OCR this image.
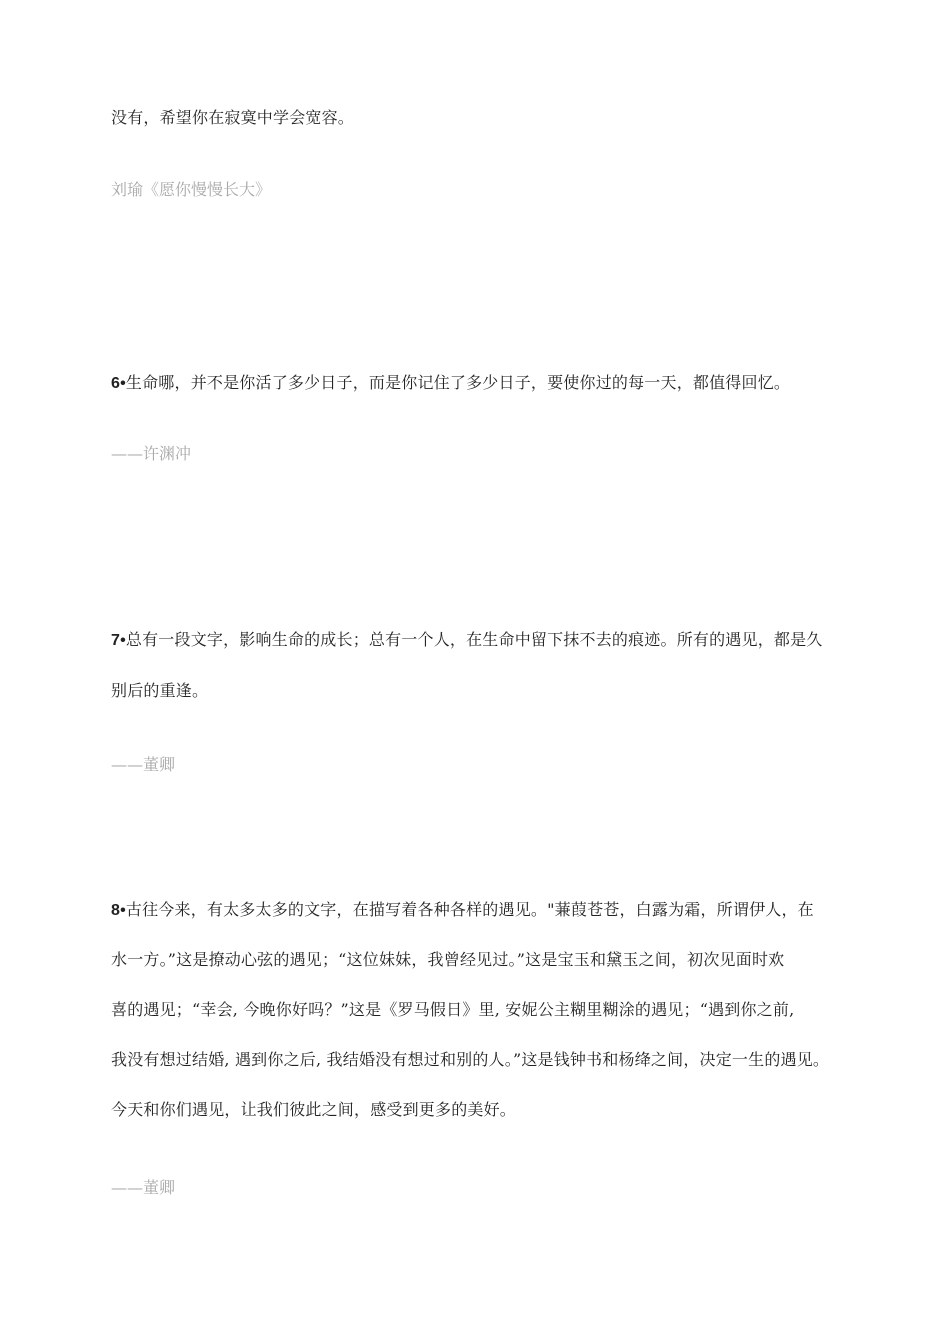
没有，希望你在寂寞中学会宽容。
刘瑜《愿你慢慢长大》
6•生命哪，并不是你活了多少日子，而是你记住了多少日子，要使你过的每一天，都值得回忆。
——许渊冲
7•总有一段文字，影响生命的成长；总有一个人，在生命中留下抹不去的痕迹。所有的遇见，都是久
别后的重逢。
——董卿
8•古往今来，有太多太多的文字，在描写着各种各样的遇见。"蒹葭苍苍，白露为霜，所谓伊人，在
水一方。”这是撩动心弦的遇见；“这位妹妹，我曾经见过。”这是宝玉和黛玉之间，初次见面时欢
喜的遇见；“幸会, 今晚你好吗？”这是《罗马假日》里, 安妮公主糊里糊涂的遇见；“遇到你之前,
我没有想过结婚, 遇到你之后, 我结婚没有想过和别的人。”这是钱钟书和杨绛之间，决定一生的遇见。
今天和你们遇见，让我们彼此之间，感受到更多的美好。
——董卿
